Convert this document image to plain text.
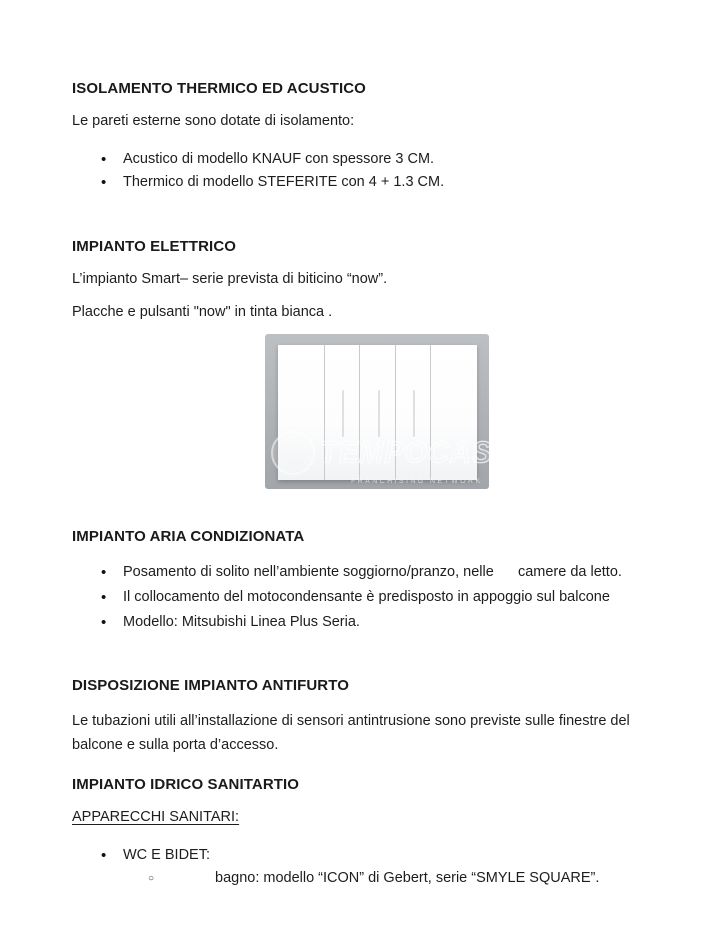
ISOLAMENTO THERMICO ED ACUSTICO

Le pareti esterne sono dotate di isolamento:

• Acustico di modello KNAUF con spessore 3 CM.
• Thermico di modello STEFERITE con 4 + 1.3 CM.
IMPIANTO ELETTRICO

L’impianto Smart– serie prevista di biticino “now”.

Placche e pulsanti "now" in tinta bianca .

FRANCHISING NETWORK
IMPIANTO ARIA CONDIZIONATA
• Posamento di solito nell’ambiente soggiorno/pranzo, nelle      camere da letto.
• Il collocamento del motocondensante è predisposto in appoggio sul balcone
• Modello: Mitsubishi Linea Plus Seria.
DISPOSIZIONE IMPIANTO ANTIFURTO

Le tubazioni utili all’installazione di sensori antintrusione sono previste sulle finestre del balcone e sulla porta d’accesso.

IMPIANTO IDRICO SANITARTIO

APPARECCHI SANITARI:

• WC E BIDET:
○ bagno: modello “ICON” di Gebert, serie “SMYLE SQUARE”.
